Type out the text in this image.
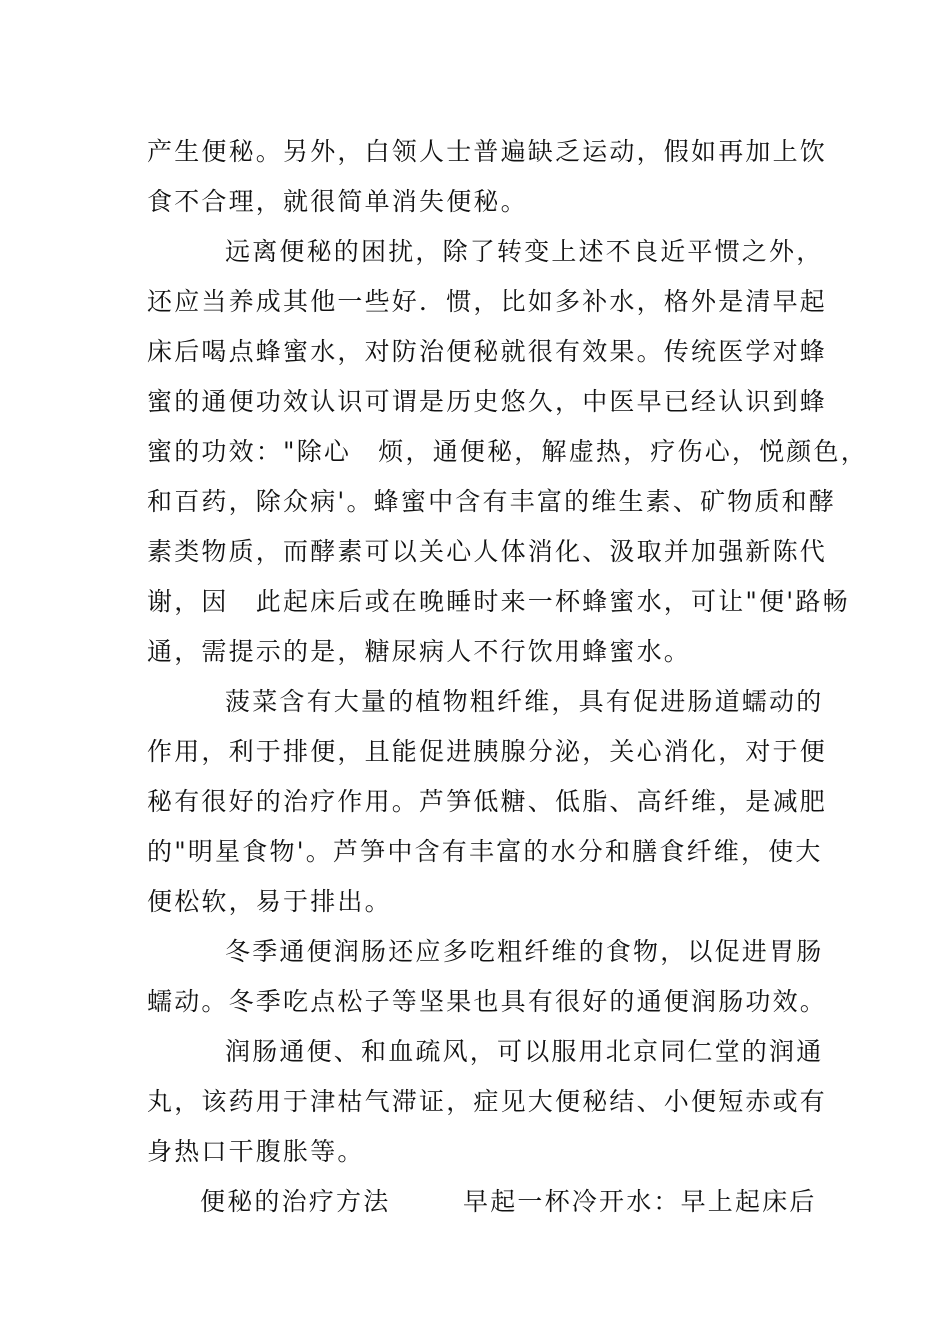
产生便秘。另外，白领人士普遍缺乏运动，假如再加上饮
食不合理，就很简单消失便秘。
远离便秘的困扰，除了转变上述不良近平惯之外，
还应当养成其他一些好．惯，比如多补水，格外是清早起
床后喝点蜂蜜水，对防治便秘就很有效果。传统医学对蜂
蜜的通便功效认识可谓是历史悠久，中医早已经认识到蜂
蜜的功效："除心　烦，通便秘，解虚热，疗伤心，悦颜色，
和百药，除众病'。蜂蜜中含有丰富的维生素、矿物质和酵
素类物质，而酵素可以关心人体消化、汲取并加强新陈代
谢，因　此起床后或在晚睡时来一杯蜂蜜水，可让"便'路畅
通，需提示的是，糖尿病人不行饮用蜂蜜水。
菠菜含有大量的植物粗纤维，具有促进肠道蠕动的
作用，利于排便，且能促进胰腺分泌，关心消化，对于便
秘有很好的治疗作用。芦笋低糖、低脂、高纤维，是减肥
的"明星食物'。芦笋中含有丰富的水分和膳食纤维，使大
便松软，易于排出。
冬季通便润肠还应多吃粗纤维的食物，以促进胃肠
蠕动。冬季吃点松子等坚果也具有很好的通便润肠功效。
润肠通便、和血疏风，可以服用北京同仁堂的润通
丸，该药用于津枯气滞证，症见大便秘结、小便短赤或有
身热口干腹胀等。
便秘的治疗方法	早起一杯冷开水：早上起床后
